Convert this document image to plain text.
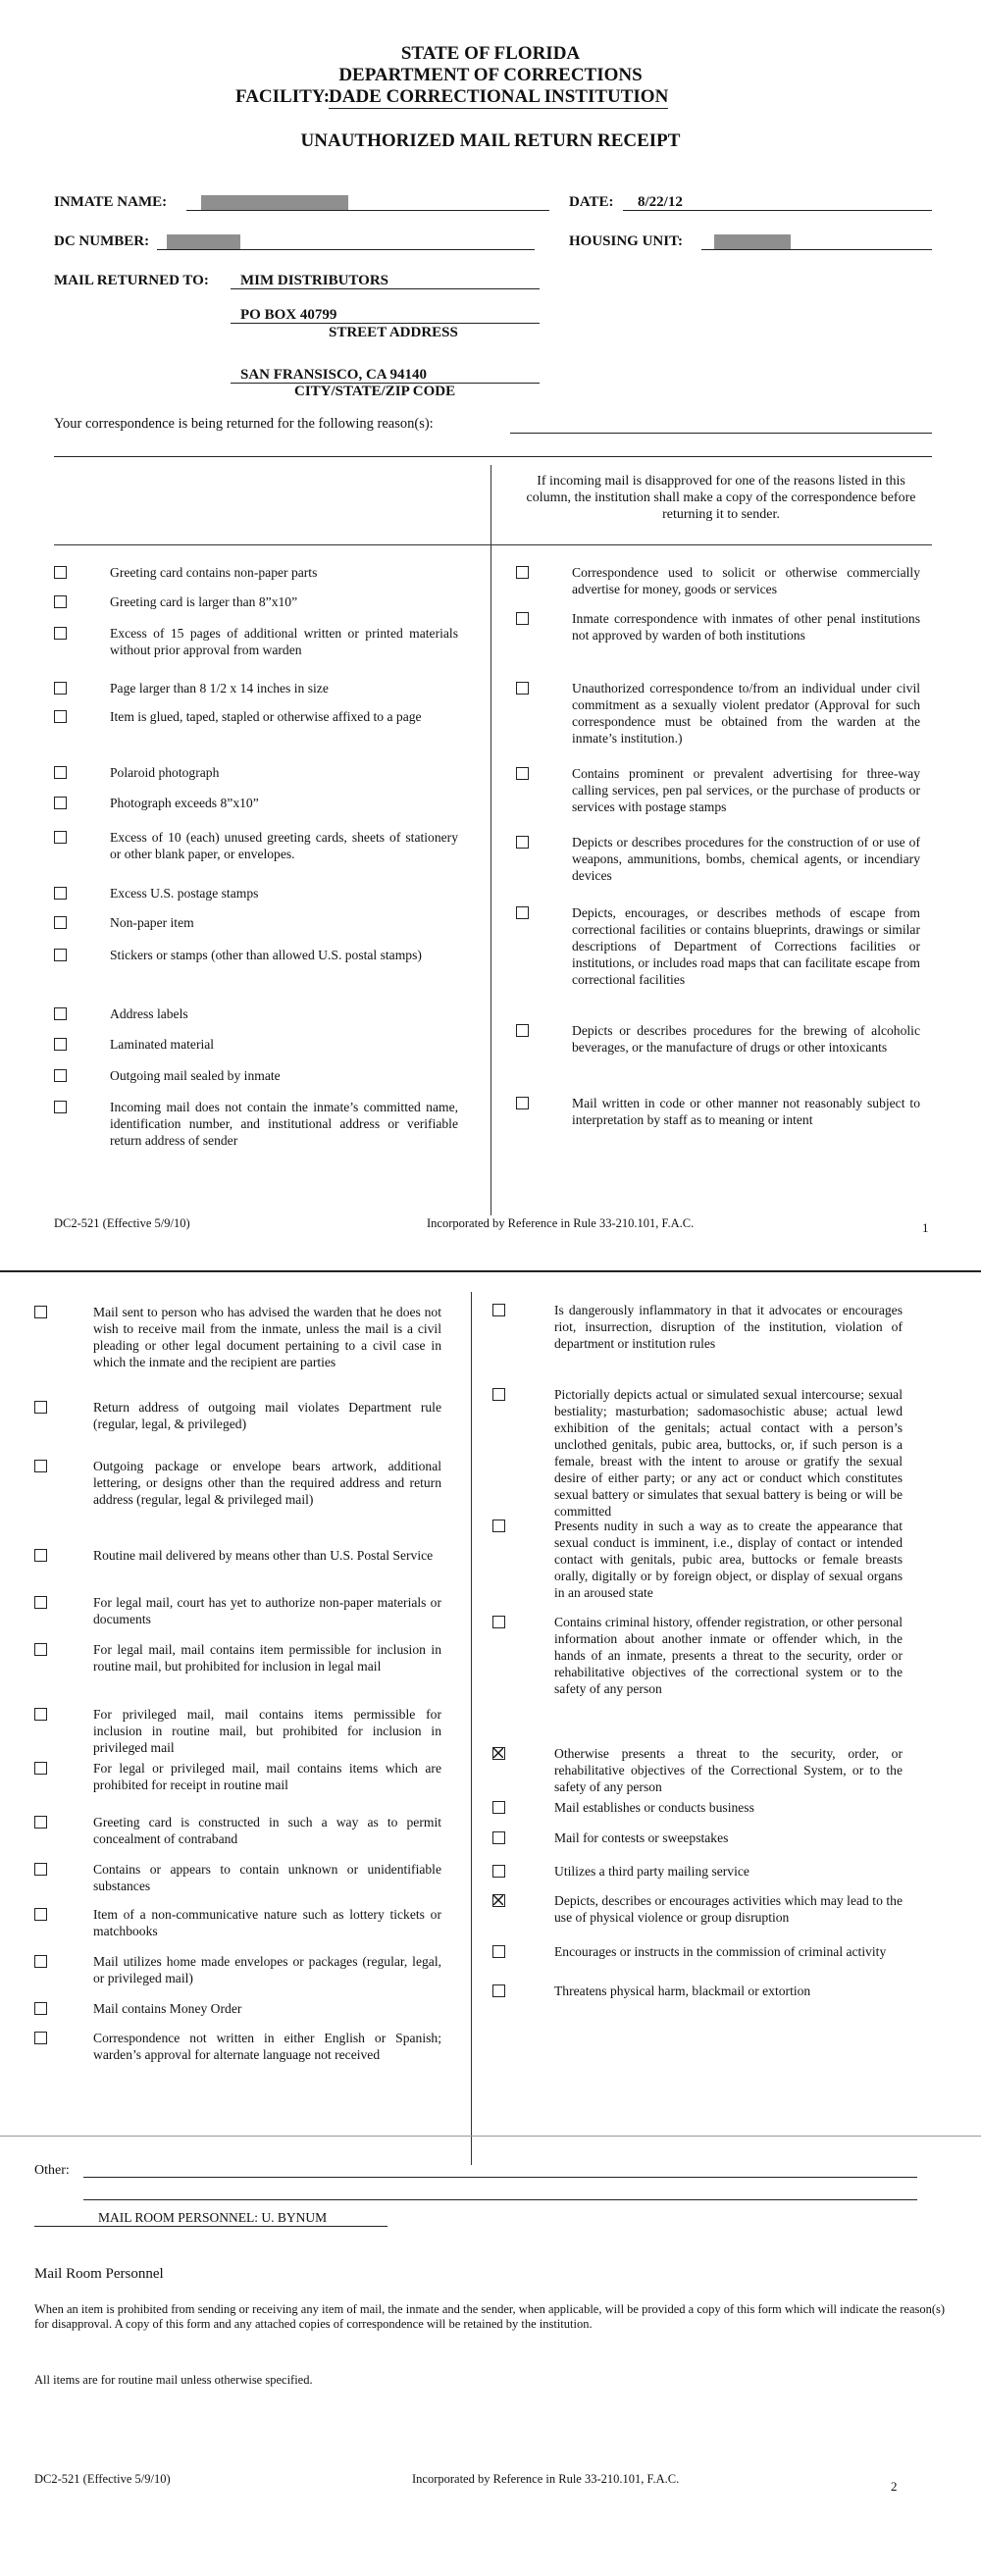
STATE OF FLORIDA
DEPARTMENT OF CORRECTIONS
FACILITY:
DADE CORRECTIONAL INSTITUTION
UNAUTHORIZED MAIL RETURN RECEIPT
INMATE NAME:	DATE: 8/22/12
DC NUMBER:	HOUSING UNIT:
MAIL RETURNED TO: MIM DISTRIBUTORS
PO BOX 40799
STREET ADDRESS
SAN FRANSISCO, CA 94140
CITY/STATE/ZIP CODE
Your correspondence is being returned for the following reason(s):
If incoming mail is disapproved for one of the reasons listed in this column, the institution shall make a copy of the correspondence before returning it to sender.
Greeting card contains non-paper parts
Greeting card is larger than 8”x10”
Excess of 15 pages of additional written or printed materials without prior approval from warden
Page larger than 8 1/2 x 14 inches in size
Item is glued, taped, stapled or otherwise affixed to a page
Polaroid photograph
Photograph exceeds 8”x10”
Excess of 10 (each) unused greeting cards, sheets of stationery or other blank paper, or envelopes.
Excess U.S. postage stamps
Non-paper item
Stickers or stamps (other than allowed U.S. postal stamps)
Address labels
Laminated material
Outgoing mail sealed by inmate
Incoming mail does not contain the inmate’s committed name, identification number, and institutional address or verifiable return address of sender
Correspondence used to solicit or otherwise commercially advertise for money, goods or services
Inmate correspondence with inmates of other penal institutions not approved by warden of both institutions
Unauthorized correspondence to/from an individual under civil commitment as a sexually violent predator (Approval for such correspondence must be obtained from the warden at the inmate’s institution.)
Contains prominent or prevalent advertising for three-way calling services, pen pal services, or the purchase of products or services with postage stamps
Depicts or describes procedures for the construction of or use of weapons, ammunitions, bombs, chemical agents, or incendiary devices
Depicts, encourages, or describes methods of escape from correctional facilities or contains blueprints, drawings or similar descriptions of Department of Corrections facilities or institutions, or includes road maps that can facilitate escape from correctional facilities
Depicts or describes procedures for the brewing of alcoholic beverages, or the manufacture of drugs or other intoxicants
Mail written in code or other manner not reasonably subject to interpretation by staff as to meaning or intent
DC2-521 (Effective 5/9/10)	Incorporated by Reference in Rule 33-210.101, F.A.C.	1
Mail sent to person who has advised the warden that he does not wish to receive mail from the inmate, unless the mail is a civil pleading or other legal document pertaining to a civil case in which the inmate and the recipient are parties
Return address of outgoing mail violates Department rule (regular, legal, & privileged)
Outgoing package or envelope bears artwork, additional lettering, or designs other than the required address and return address (regular, legal & privileged mail)
Routine mail delivered by means other than U.S. Postal Service
For legal mail, court has yet to authorize non-paper materials or documents
For legal mail, mail contains item permissible for inclusion in routine mail, but prohibited for inclusion in legal mail
For privileged mail, mail contains items permissible for inclusion in routine mail, but prohibited for inclusion in privileged mail
For legal or privileged mail, mail contains items which are prohibited for receipt in routine mail
Greeting card is constructed in such a way as to permit concealment of contraband
Contains or appears to contain unknown or unidentifiable substances
Item of a non-communicative nature such as lottery tickets or matchbooks
Mail utilizes home made envelopes or packages (regular, legal, or privileged mail)
Mail contains Money Order
Correspondence not written in either English or Spanish; warden’s approval for alternate language not received
Is dangerously inflammatory in that it advocates or encourages riot, insurrection, disruption of the institution, violation of department or institution rules
Pictorially depicts actual or simulated sexual intercourse; sexual bestiality; masturbation; sadomasochistic abuse; actual lewd exhibition of the genitals; actual contact with a person’s unclothed genitals, pubic area, buttocks, or, if such person is a female, breast with the intent to arouse or gratify the sexual desire of either party; or any act or conduct which constitutes sexual battery or simulates that sexual battery is being or will be committed
Presents nudity in such a way as to create the appearance that sexual conduct is imminent, i.e., display of contact or intended contact with genitals, pubic area, buttocks or female breasts orally, digitally or by foreign object, or display of sexual organs in an aroused state
Contains criminal history, offender registration, or other personal information about another inmate or offender which, in the hands of an inmate, presents a threat to the security, order or rehabilitative objectives of the correctional system or to the safety of any person
Otherwise presents a threat to the security, order, or rehabilitative objectives of the Correctional System, or to the safety of any person
Mail establishes or conducts business
Mail for contests or sweepstakes
Utilizes a third party mailing service
Depicts, describes or encourages activities which may lead to the use of physical violence or group disruption
Encourages or instructs in the commission of criminal activity
Threatens physical harm, blackmail or extortion
Other:
MAIL ROOM PERSONNEL: U. BYNUM
Mail Room Personnel
When an item is prohibited from sending or receiving any item of mail, the inmate and the sender, when applicable, will be provided a copy of this form which will indicate the reason(s) for disapproval. A copy of this form and any attached copies of correspondence will be retained by the institution.
All items are for routine mail unless otherwise specified.
DC2-521 (Effective 5/9/10)	Incorporated by Reference in Rule 33-210.101, F.A.C.	2
